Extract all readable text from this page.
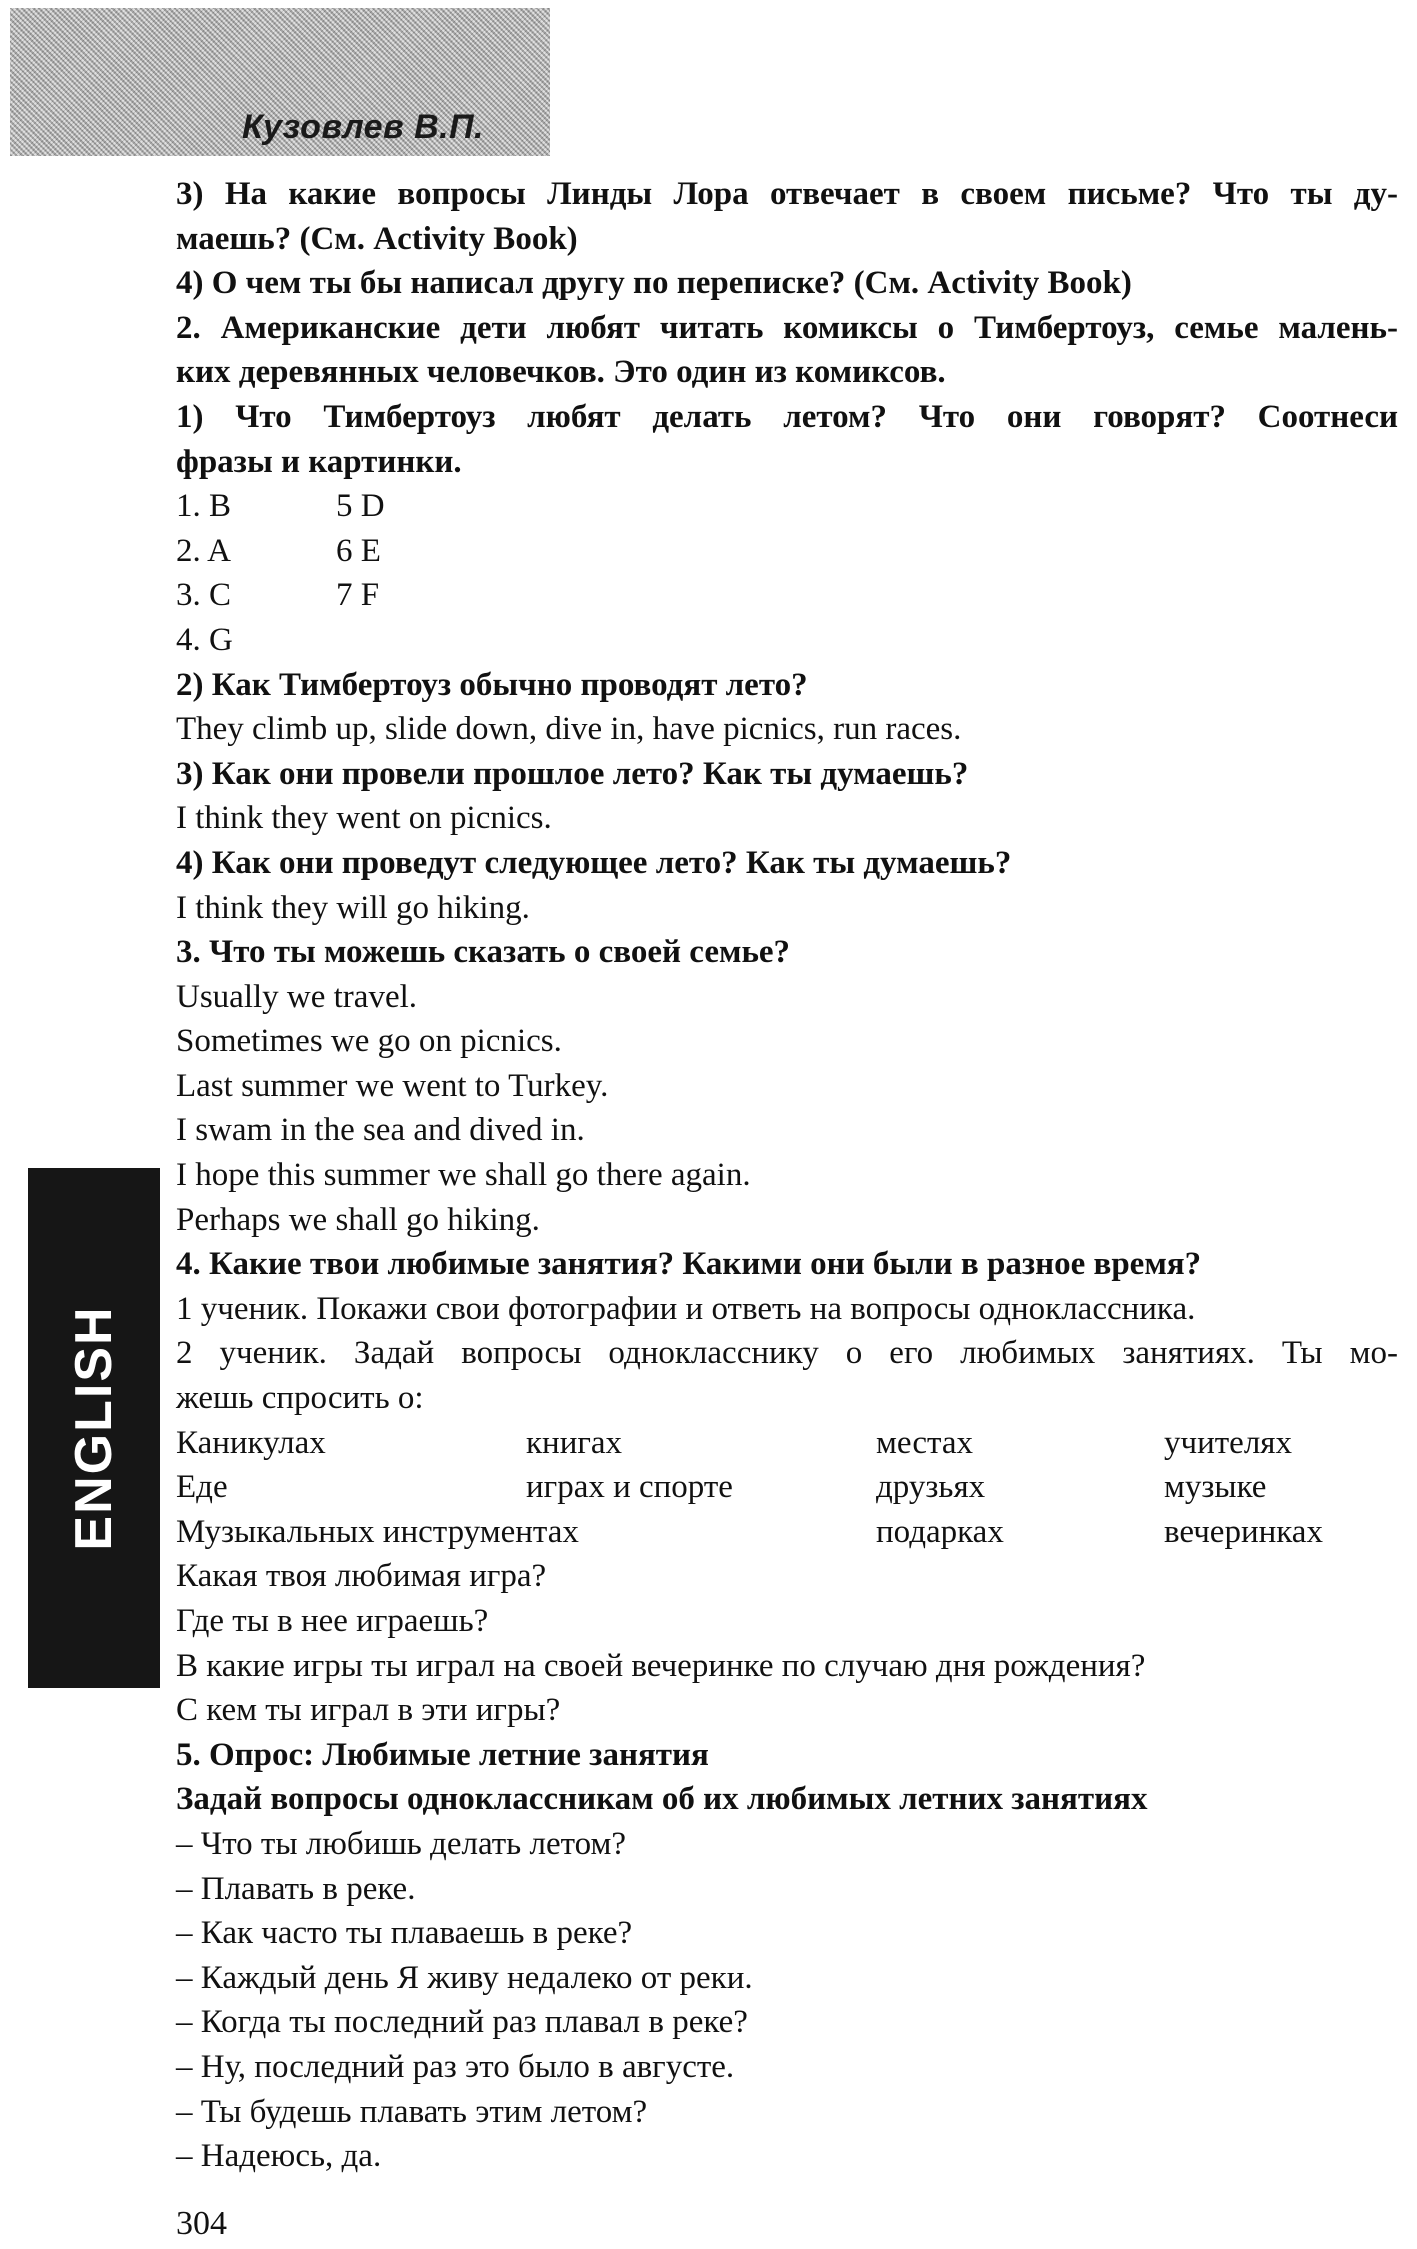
Кузовлев В.П.
ENGLISH
3) На какие вопросы Линды Лора отвечает в своем письме? Что ты ду-
маешь? (См. Activity Book)
4) О чем ты бы написал другу по переписке? (См. Activity Book)
2. Американские дети любят читать комиксы о Тимбертоуз, семье малень-
ких деревянных человечков. Это один из комиксов.
1) Что Тимбертоуз любят делать летом? Что они говорят? Соотнеси
фразы и картинки.
1. B	5 D
2. A	6 E
3. C	7 F
4. G
2) Как Тимбертоуз обычно проводят лето?
They climb up, slide down, dive in, have picnics, run races.
3) Как они провели прошлое лето? Как ты думаешь?
I think they went on picnics.
4) Как они проведут следующее лето? Как ты думаешь?
I think they will go hiking.
3. Что ты можешь сказать о своей семье?
Usually we travel.
Sometimes we go on picnics.
Last summer we went to Turkey.
I swam in the sea and dived in.
I hope this summer we shall go there again.
Perhaps we shall go hiking.
4. Какие твои любимые занятия? Какими они были в разное время?
1 ученик. Покажи свои фотографии и ответь на вопросы одноклассника.
2 ученик. Задай вопросы однокласснику о его любимых занятиях. Ты мо-
жешь спросить о:
Каникулах	книгах	местах	учителях
Еде	играх и спорте	друзьях	музыке
Музыкальных инструментах	подарках	вечеринках
Какая твоя любимая игра?
Где ты в нее играешь?
В какие игры ты играл на своей вечеринке по случаю дня рождения?
С кем ты играл в эти игры?
5. Опрос: Любимые летние занятия
Задай вопросы одноклассникам об их любимых летних занятиях
– Что ты любишь делать летом?
– Плавать в реке.
– Как часто ты плаваешь в реке?
– Каждый день Я живу недалеко от реки.
– Когда ты последний раз плавал в реке?
– Ну, последний раз это было в августе.
– Ты будешь плавать этим летом?
– Надеюсь, да.
304
